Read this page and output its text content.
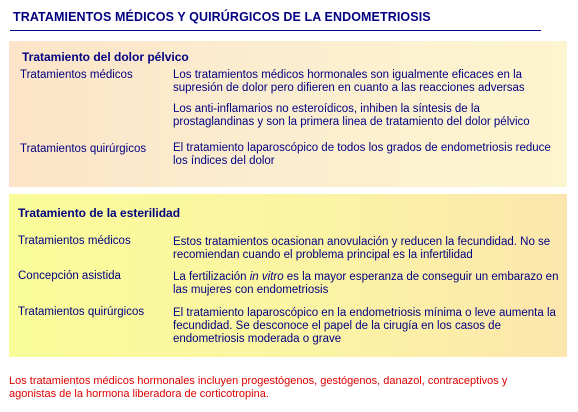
TRATAMIENTOS MÉDICOS Y QUIRÚRGICOS DE LA ENDOMETRIOSIS
Tratamiento del dolor pélvico
Tratamientos médicos	Los tratamientos médicos hormonales son igualmente eficaces en la supresión de dolor pero difieren en cuanto a las reacciones adversas
Los anti-inflamarios no esteroídicos, inhiben la síntesis de la prostaglandinas y son la primera linea de tratamiento del dolor pélvico
Tratamientos quirúrgicos El tratamiento laparoscópico de todos los grados de endometriosis reduce los índices del dolor
Tratamiento de la esterilidad
Tratamientos médicos	Estos tratamientos ocasionan anovulación y reducen la fecundidad. No se recomiendan cuando el problema principal es la infertilidad
Concepción asistida	La fertilización in vitro es la mayor esperanza de conseguir un embarazo en las mujeres con endometriosis
Tratamientos quirúrgicos	El tratamiento laparoscópico en la endometriosis mínima o leve aumenta la fecundidad. Se desconoce el papel de la cirugía en los casos de endometriosis moderada o grave
Los tratamientos médicos hormonales incluyen progestógenos, gestógenos, danazol, contraceptivos y agonistas de la hormona liberadora de corticotropina.
